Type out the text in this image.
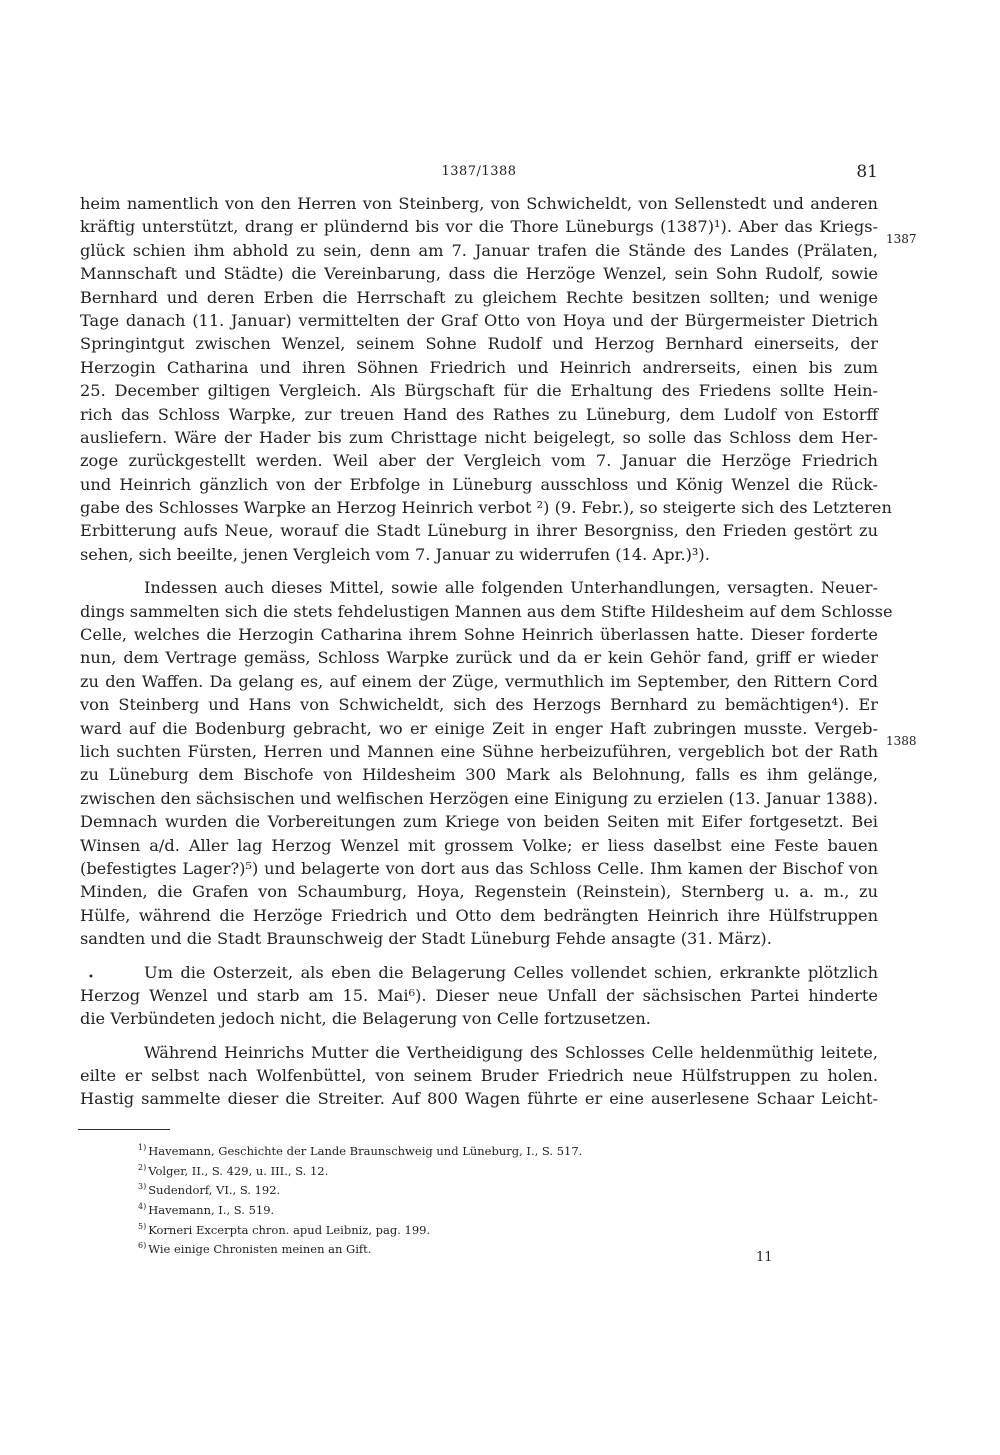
1387/1388	81
1387
1388
•
heim namentlich von den Herren von Steinberg, von Schwicheldt, von Sellenstedt und anderen
kräftig unterstützt, drang er plündernd bis vor die Thore Lüneburgs (1387)¹). Aber das Kriegs-
glück schien ihm abhold zu sein, denn am 7. Januar trafen die Stände des Landes (Prälaten,
Mannschaft und Städte) die Vereinbarung, dass die Herzöge Wenzel, sein Sohn Rudolf, sowie
Bernhard und deren Erben die Herrschaft zu gleichem Rechte besitzen sollten; und wenige
Tage danach (11. Januar) vermittelten der Graf Otto von Hoya und der Bürgermeister Dietrich
Springintgut zwischen Wenzel, seinem Sohne Rudolf und Herzog Bernhard einerseits, der
Herzogin Catharina und ihren Söhnen Friedrich und Heinrich andrerseits, einen bis zum
25. December giltigen Vergleich. Als Bürgschaft für die Erhaltung des Friedens sollte Hein-
rich das Schloss Warpke, zur treuen Hand des Rathes zu Lüneburg, dem Ludolf von Estorff
ausliefern. Wäre der Hader bis zum Christtage nicht beigelegt, so solle das Schloss dem Her-
zoge zurückgestellt werden. Weil aber der Vergleich vom 7. Januar die Herzöge Friedrich
und Heinrich gänzlich von der Erbfolge in Lüneburg ausschloss und König Wenzel die Rück-
gabe des Schlosses Warpke an Herzog Heinrich verbot ²) (9. Febr.), so steigerte sich des Letzteren
Erbitterung aufs Neue, worauf die Stadt Lüneburg in ihrer Besorgniss, den Frieden gestört zu
sehen, sich beeilte, jenen Vergleich vom 7. Januar zu widerrufen (14. Apr.)³).
Indessen auch dieses Mittel, sowie alle folgenden Unterhandlungen, versagten. Neuer-
dings sammelten sich die stets fehdelustigen Mannen aus dem Stifte Hildesheim auf dem Schlosse
Celle, welches die Herzogin Catharina ihrem Sohne Heinrich überlassen hatte. Dieser forderte
nun, dem Vertrage gemäss, Schloss Warpke zurück und da er kein Gehör fand, griff er wieder
zu den Waffen. Da gelang es, auf einem der Züge, vermuthlich im September, den Rittern Cord
von Steinberg und Hans von Schwicheldt, sich des Herzogs Bernhard zu bemächtigen⁴). Er
ward auf die Bodenburg gebracht, wo er einige Zeit in enger Haft zubringen musste. Vergeb-
lich suchten Fürsten, Herren und Mannen eine Sühne herbeizuführen, vergeblich bot der Rath
zu Lüneburg dem Bischofe von Hildesheim 300 Mark als Belohnung, falls es ihm gelänge,
zwischen den sächsischen und welfischen Herzögen eine Einigung zu erzielen (13. Januar 1388).
Demnach wurden die Vorbereitungen zum Kriege von beiden Seiten mit Eifer fortgesetzt. Bei
Winsen a/d. Aller lag Herzog Wenzel mit grossem Volke; er liess daselbst eine Feste bauen
(befestigtes Lager?)⁵) und belagerte von dort aus das Schloss Celle. Ihm kamen der Bischof von
Minden, die Grafen von Schaumburg, Hoya, Regenstein (Reinstein), Sternberg u. a. m., zu
Hülfe, während die Herzöge Friedrich und Otto dem bedrängten Heinrich ihre Hülfstruppen
sandten und die Stadt Braunschweig der Stadt Lüneburg Fehde ansagte (31. März).
Um die Osterzeit, als eben die Belagerung Celles vollendet schien, erkrankte plötzlich
Herzog Wenzel und starb am 15. Mai⁶). Dieser neue Unfall der sächsischen Partei hinderte
die Verbündeten jedoch nicht, die Belagerung von Celle fortzusetzen.
Während Heinrichs Mutter die Vertheidigung des Schlosses Celle heldenmüthig leitete,
eilte er selbst nach Wolfenbüttel, von seinem Bruder Friedrich neue Hülfstruppen zu holen.
Hastig sammelte dieser die Streiter. Auf 800 Wagen führte er eine auserlesene Schaar Leicht-
$^{1)}$ Havemann, Geschichte der Lande Braunschweig und Lüneburg, I., S. 517.
$^{2)}$ Volger, II., S. 429, u. III., S. 12.
$^{3)}$ Sudendorf, VI., S. 192.
$^{4)}$ Havemann, I., S. 519.
$^{5)}$ Korneri Excerpta chron. apud Leibniz, pag. 199.
$^{6)}$ Wie einige Chronisten meinen an Gift.
11
